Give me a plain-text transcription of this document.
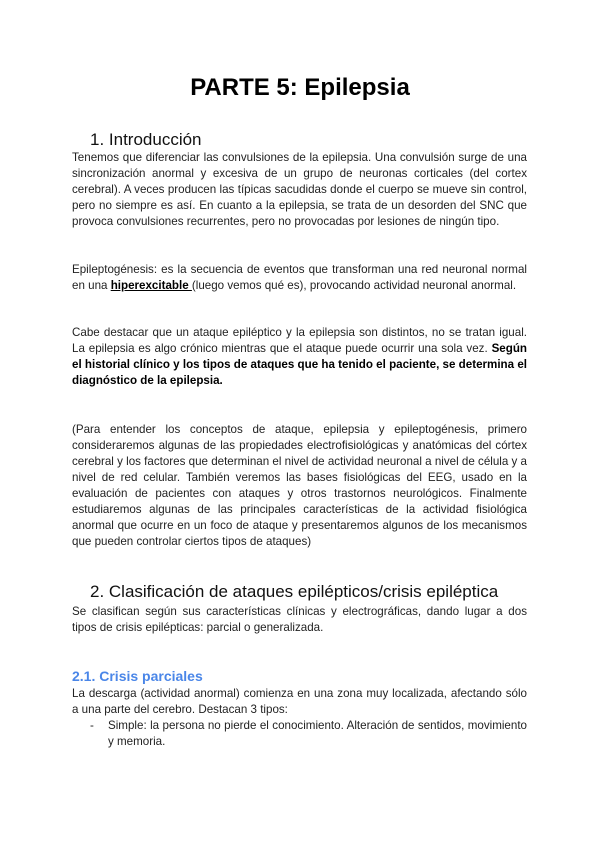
PARTE 5: Epilepsia
1. Introducción

Tenemos que diferenciar las convulsiones de la epilepsia. Una convulsión surge de una sincronización anormal y excesiva de un grupo de neuronas corticales (del cortex cerebral). A veces producen las típicas sacudidas donde el cuerpo se mueve sin control, pero no siempre es así. En cuanto a la epilepsia, se trata de un desorden del SNC que provoca convulsiones recurrentes, pero no provocadas por lesiones de ningún tipo.

Epileptogénesis: es la secuencia de eventos que transforman una red neuronal normal en una hiperexcitable (luego vemos qué es), provocando actividad neuronal anormal.

Cabe destacar que un ataque epiléptico y la epilepsia son distintos, no se tratan igual. La epilepsia es algo crónico mientras que el ataque puede ocurrir una sola vez. Según el historial clínico y los tipos de ataques que ha tenido el paciente, se determina el diagnóstico de la epilepsia.

(Para entender los conceptos de ataque, epilepsia y epileptogénesis, primero consideraremos algunas de las propiedades electrofisiológicas y anatómicas del córtex cerebral y los factores que determinan el nivel de actividad neuronal a nivel de célula y a nivel de red celular. También veremos las bases fisiológicas del EEG, usado en la evaluación de pacientes con ataques y otros trastornos neurológicos. Finalmente estudiaremos algunas de las principales características de la actividad fisiológica anormal que ocurre en un foco de ataque y presentaremos algunos de los mecanismos que pueden controlar ciertos tipos de ataques)

2. Clasificación de ataques epilépticos/crisis epiléptica

Se clasifican según sus características clínicas y electrográficas, dando lugar a dos tipos de crisis epilépticas: parcial o generalizada.

2.1. Crisis parciales

La descarga (actividad anormal) comienza en una zona muy localizada, afectando sólo a una parte del cerebro. Destacan 3 tipos:

- Simple: la persona no pierde el conocimiento. Alteración de sentidos, movimiento y memoria.
